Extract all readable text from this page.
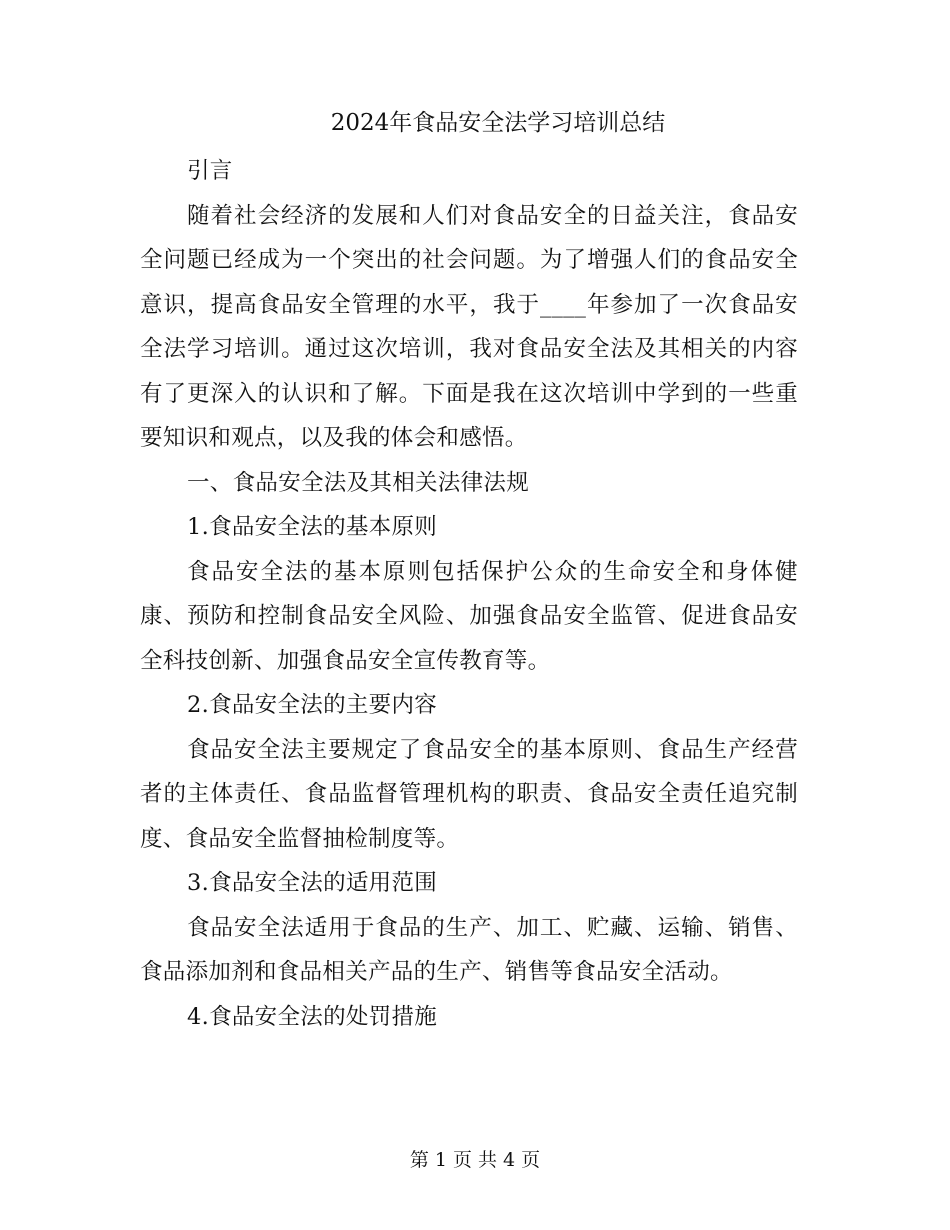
2024年食品安全法学习培训总结

引言

随着社会经济的发展和人们对食品安全的日益关注，食品安全问题已经成为一个突出的社会问题。为了增强人们的食品安全意识，提高食品安全管理的水平，我于____年参加了一次食品安全法学习培训。通过这次培训，我对食品安全法及其相关的内容有了更深入的认识和了解。下面是我在这次培训中学到的一些重要知识和观点，以及我的体会和感悟。

一、食品安全法及其相关法律法规

1.食品安全法的基本原则

食品安全法的基本原则包括保护公众的生命安全和身体健康、预防和控制食品安全风险、加强食品安全监管、促进食品安全科技创新、加强食品安全宣传教育等。

2.食品安全法的主要内容

食品安全法主要规定了食品安全的基本原则、食品生产经营者的主体责任、食品监督管理机构的职责、食品安全责任追究制度、食品安全监督抽检制度等。

3.食品安全法的适用范围

食品安全法适用于食品的生产、加工、贮藏、运输、销售、食品添加剂和食品相关产品的生产、销售等食品安全活动。

4.食品安全法的处罚措施

第 1 页 共 4 页
